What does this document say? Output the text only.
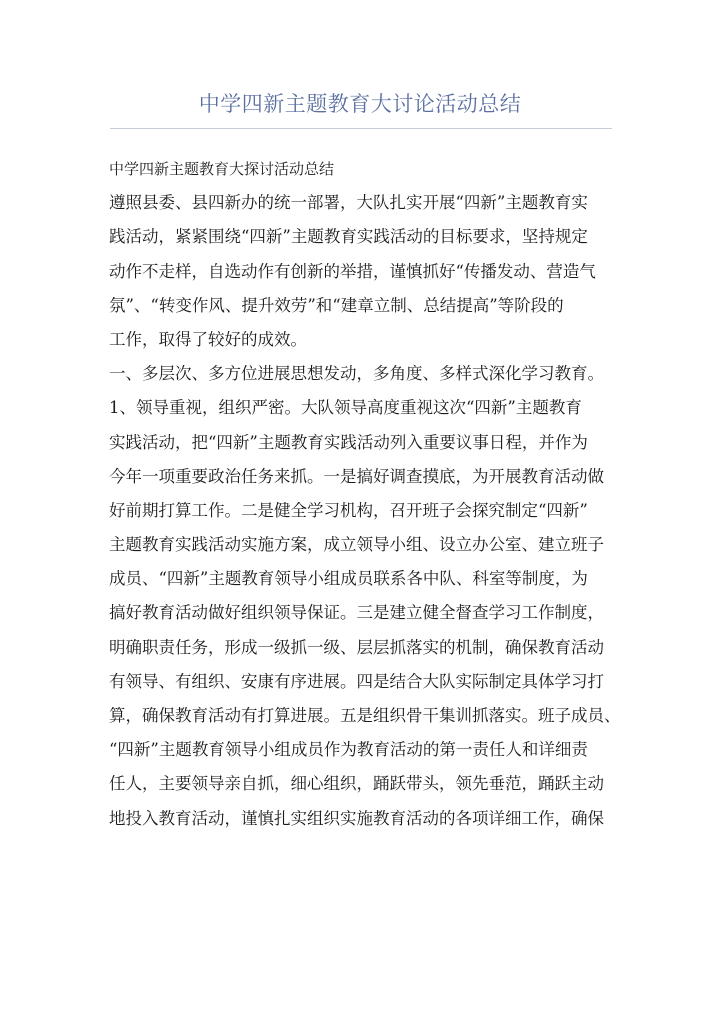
中学四新主题教育大讨论活动总结
中学四新主题教育大探讨活动总结
遵照县委、县四新办的统一部署，大队扎实开展“四新”主题教育实
践活动，紧紧围绕“四新”主题教育实践活动的目标要求，坚持规定
动作不走样，自选动作有创新的举措，谨慎抓好“传播发动、营造气
氛”、“转变作风、提升效劳”和“建章立制、总结提高”等阶段的
工作，取得了较好的成效。
一、多层次、多方位进展思想发动，多角度、多样式深化学习教育。
1、领导重视，组织严密。大队领导高度重视这次“四新”主题教育
实践活动，把“四新”主题教育实践活动列入重要议事日程，并作为
今年一项重要政治任务来抓。一是搞好调查摸底，为开展教育活动做
好前期打算工作。二是健全学习机构，召开班子会探究制定“四新”
主题教育实践活动实施方案，成立领导小组、设立办公室、建立班子
成员、“四新”主题教育领导小组成员联系各中队、科室等制度，为
搞好教育活动做好组织领导保证。三是建立健全督查学习工作制度，
明确职责任务，形成一级抓一级、层层抓落实的机制，确保教育活动
有领导、有组织、安康有序进展。四是结合大队实际制定具体学习打
算，确保教育活动有打算进展。五是组织骨干集训抓落实。班子成员、
“四新”主题教育领导小组成员作为教育活动的第一责任人和详细责
任人，主要领导亲自抓，细心组织，踊跃带头，领先垂范，踊跃主动
地投入教育活动，谨慎扎实组织实施教育活动的各项详细工作，确保
